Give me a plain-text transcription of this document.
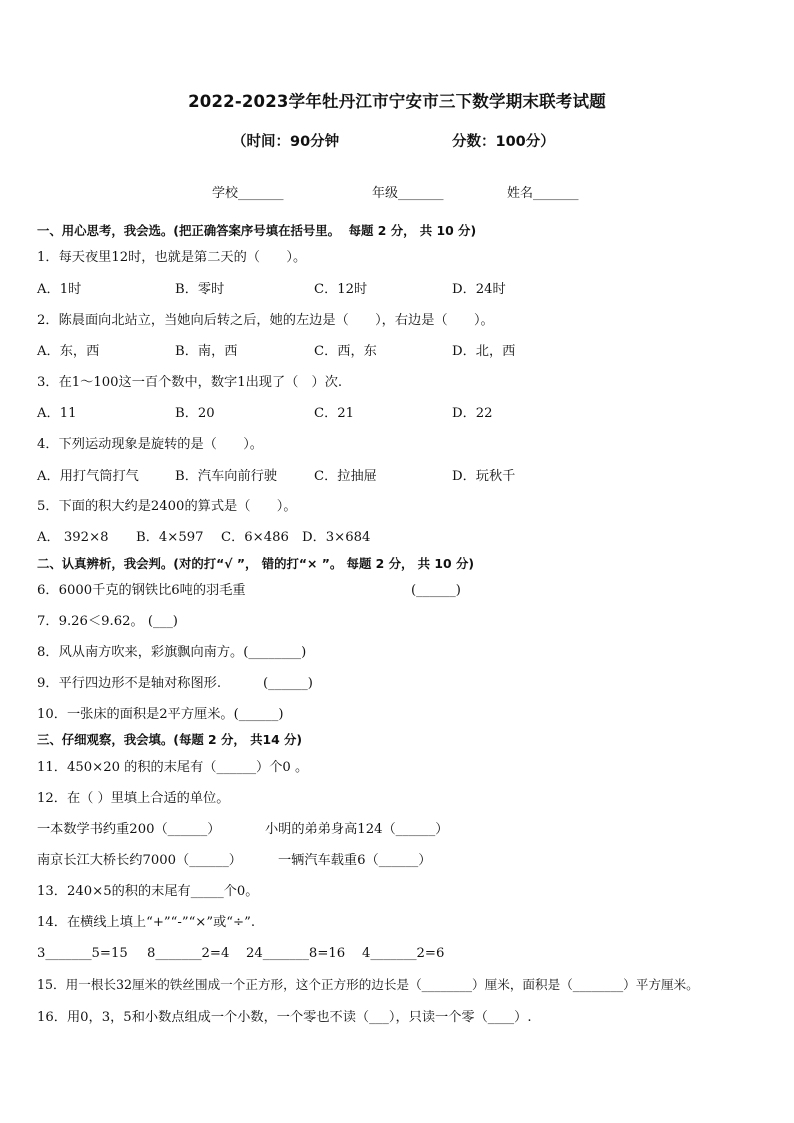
2022-2023学年牡丹江市宁安市三下数学期末联考试题
（时间：90分钟	分数：100分）
学校_______	年级_______	姓名_______
一、用心思考，我会选。(把正确答案序号填在括号里。  每题 2 分， 共 10 分)
1．每天夜里12时，也就是第二天的（　　）。
A．1时	B．零时	C．12时	D．24时
2．陈晨面向北站立，当她向后转之后，她的左边是（　　），右边是（　　）。
A．东，西	B．南，西	C．西，东	D．北，西
3．在1～100这一百个数中，数字1出现了（　）次.
A．11	B．20	C．21	D．22
4．下列运动现象是旋转的是（　　）。
A．用打气筒打气	B．汽车向前行驶	C．拉抽屉	D．玩秋千
5．下面的积大约是2400的算式是（　　）。
A． 392×8 B．4×597 C．6×486 D．3×684
二、认真辨析，我会判。(对的打“√ ”， 错的打“× ”。 每题 2 分， 共 10 分)
6．6000千克的钢铁比6吨的羽毛重	(______)
7．9.26＜9.62。 (___)
8．风从南方吹来，彩旗飘向南方。(________)
9．平行四边形不是轴对称图形.	(______)
10．一张床的面积是2平方厘米。(______)
三、仔细观察，我会填。(每题 2 分， 共14 分)
11．450×20 的积的末尾有（______）个0 。
12．在（ ）里填上合适的单位。
一本数学书约重200（______）	小明的弟弟身高124（______）
南京长江大桥长约7000（______）	一辆汽车载重6（______）
13．240×5的积的末尾有_____个0。
14．在横线上填上“+”“-”“×”或“÷”.
3_______5=15 8_______2=4 24_______8=16 4_______2=6
15．用一根长32厘米的铁丝围成一个正方形，这个正方形的边长是（________）厘米，面积是（________）平方厘米。
16．用0，3，5和小数点组成一个小数，一个零也不读（___），只读一个零（____）.
